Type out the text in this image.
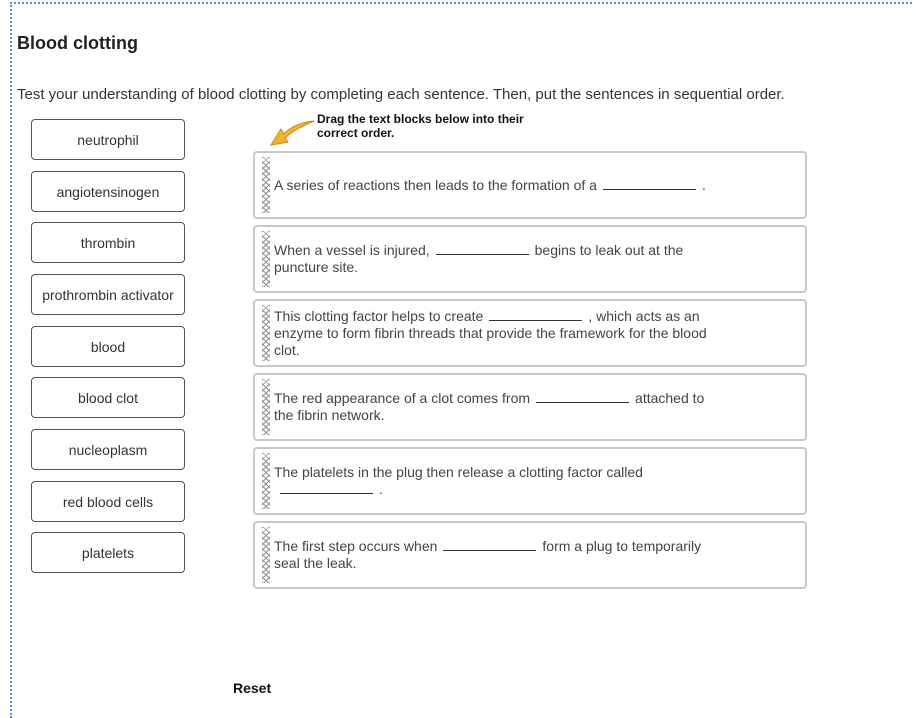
Blood clotting
Test your understanding of blood clotting by completing each sentence. Then, put the sentences in sequential order.
neutrophil
angiotensinogen
thrombin
prothrombin activator
blood
blood clot
nucleoplasm
red blood cells
platelets
Drag the text blocks below into their correct order.

A series of reactions then leads to the formation of a	.

When a vessel is injured,	begins to leak out at the puncture site.

This clotting factor helps to create	, which acts as an enzyme to form fibrin threads that provide the framework for the blood clot.

The red appearance of a clot comes from	attached to the fibrin network.

The platelets in the plug then release a clotting factor called.

The first step occurs when	form a plug to temporarily seal the leak.

Reset
